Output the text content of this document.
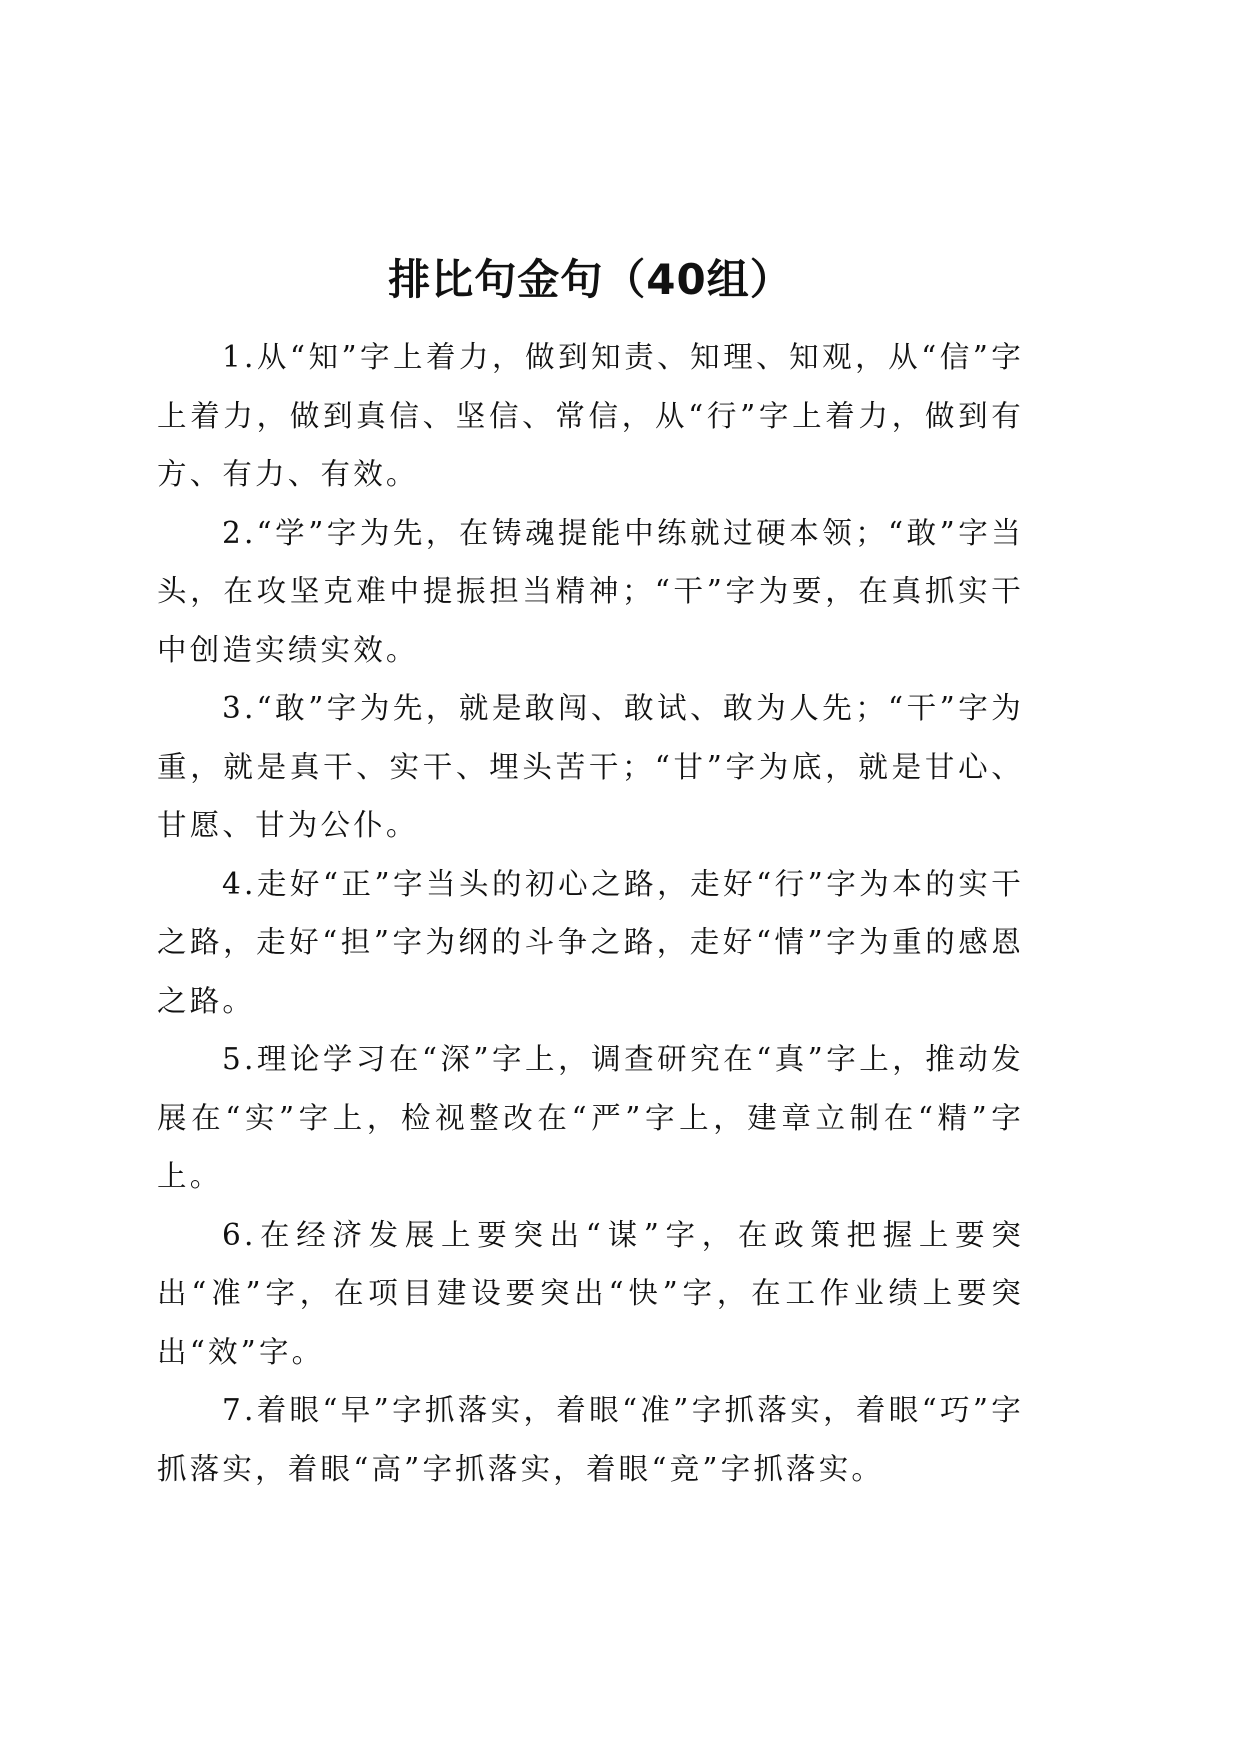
排比句金句（40组）

1.从“知”字上着力，做到知责、知理、知观，从“信”字上着力，做到真信、坚信、常信，从“行”字上着力，做到有方、有力、有效。

2.“学”字为先，在铸魂提能中练就过硬本领；“敢”字当头，在攻坚克难中提振担当精神；“干”字为要，在真抓实干中创造实绩实效。

3.“敢”字为先，就是敢闯、敢试、敢为人先；“干”字为重，就是真干、实干、埋头苦干；“甘”字为底，就是甘心、甘愿、甘为公仆。

4.走好“正”字当头的初心之路，走好“行”字为本的实干之路，走好“担”字为纲的斗争之路，走好“情”字为重的感恩之路。

5.理论学习在“深”字上，调查研究在“真”字上，推动发展在“实”字上，检视整改在“严”字上，建章立制在“精”字上。

6.在经济发展上要突出“谋”字，在政策把握上要突出“准”字，在项目建设要突出“快”字，在工作业绩上要突出“效”字。

7.着眼“早”字抓落实，着眼“准”字抓落实，着眼“巧”字抓落实，着眼“高”字抓落实，着眼“竞”字抓落实。
